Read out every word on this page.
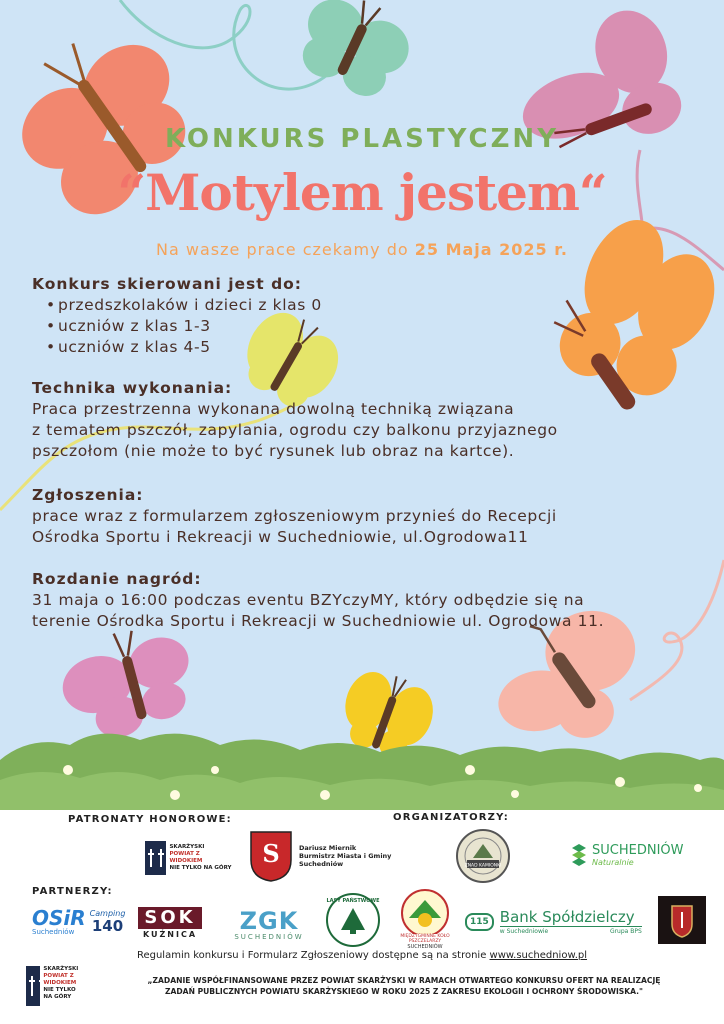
KONKURS PLASTYCZNY
“Motylem jestem“
Na wasze prace czekamy do 25 Maja 2025 r.
Konkurs skierowani jest do:
• przedszkolaków i dzieci z klas 0
• uczniów z klas 1-3
• uczniów z klas 4-5
Technika wykonania:
Praca przestrzenna wykonana dowolną techniką związana
z tematem pszczół, zapylania, ogrodu czy balkonu przyjaznego
pszczołom (nie może to być rysunek lub obraz na kartce).
Zgłoszenia:
prace wraz z formularzem zgłoszeniowym przynieś do Recepcji
Ośrodka Sportu i Rekreacji w Suchedniowie, ul.Ogrodowa11
Rozdanie nagród:
31 maja o 16:00 podczas eventu BZYczyMY, który odbędzie się na
terenie Ośrodka Sportu i Rekreacji w Suchedniowie ul. Ogrodowa 11.
PATRONATY HONOROWE:	ORGANIZATORZY:
SKARŻYSKI
POWIAT Z WIDOKIEM
NIE TYLKO NA GÓRY S	Dariusz Miernik
Burmistrz Miasta i Gminy
Suchedniów	ZNAD KAMIONKI
SUCHEDNIÓW
Naturalnie
PARTNERZY:
OSiR
Suchedniów
Camping
140	SOK
KUŹNICA ZGK
SUCHEDNIÓW
LASY PAŃSTWOWE
MIĘDZYGMINNE KOŁO PSZCZELARZY
SUCHEDNIÓW
115 Bank Spółdzielczy
w Suchedniowie	Grupa BPS
Regulamin konkursu i Formularz Zgłoszeniowy dostępne są na stronie www.suchedniow.pl
SKARŻYSKI
POWIAT Z WIDOKIEM
NIE TYLKO NA GÓRY
„ZADANIE WSPÓŁFINANSOWANE PRZEZ POWIAT SKARŻYSKI W RAMACH OTWARTEGO KONKURSU OFERT NA REALIZACJĘ
ZADAŃ PUBLICZNYCH POWIATU SKARŻYSKIEGO W ROKU 2025 Z ZAKRESU EKOLOGII I OCHRONY ŚRODOWISKA."
